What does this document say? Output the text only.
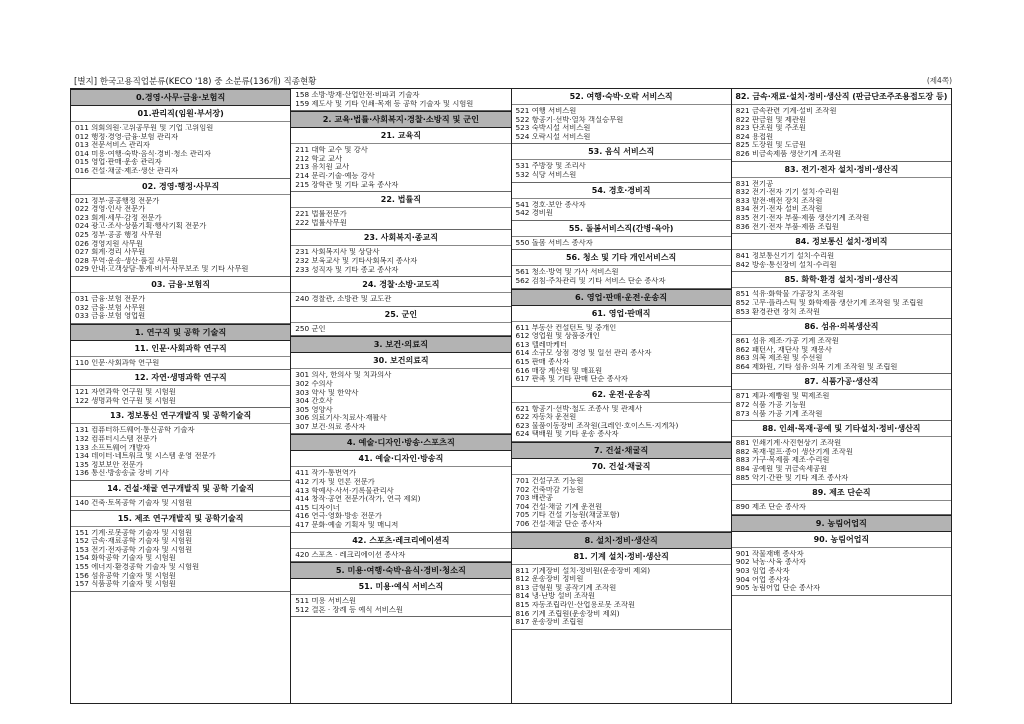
[별지] 한국고용직업분류(KECO '18) 중 소분류(136개) 직종현황	(제4쪽)
0.경영·사무·금융·보험직
01.관리직(임원·부서장)
011 의회의원·고위공무원 및 기업 고위임원
012 행정·경영·금융·보험 관리자
013 전문서비스 관리자
014 미용·여행·숙박·음식·경비·청소 관리자
015 영업·판매·운송 관리자
016 건설·채굴·제조·생산 관리자
02. 경영·행정·사무직
021 정부·공공행정 전문가
022 경영·인사 전문가
023 회계·세무·감정 전문가
024 광고·조사·상품기획·행사기획 전문가
025 정부·공공 행정 사무원
026 경영지원 사무원
027 회계·경리 사무원
028 무역·운송·생산·품질 사무원
029 안내·고객상담·통계·비서·사무보조 및 기타 사무원
03. 금융·보험직
031 금융·보험 전문가
032 금융·보험 사무원
033 금융·보험 영업원
1. 연구직 및 공학 기술직
11. 인문·사회과학 연구직
110 인문·사회과학 연구원
12. 자연·생명과학 연구직
121 자연과학 연구원 및 시험원
122 생명과학 연구원 및 시험원
13. 정보통신 연구개발직 및 공학기술직
131 컴퓨터하드웨어·통신공학 기술자
132 컴퓨터시스템 전문가
133 소프트웨어 개발자
134 데이터·네트워크 및 시스템 운영 전문가
135 정보보안 전문가
136 통신·방송송출 장비 기사
14. 건설·채굴 연구개발직 및 공학 기술직
140 건축·토목공학 기술자 및 시험원
15. 제조 연구개발직 및 공학기술직
151 기계·로봇공학 기술자 및 시험원
152 금속·재료공학 기술자 및 시험원
153 전기·전자공학 기술자 및 시험원
154 화학공학 기술자 및 시험원
155 에너지·환경공학 기술자 및 시험원
156 섬유공학 기술자 및 시험원
157 식품공학 기술자 및 시험원
158 소방·방재·산업안전·비파괴 기술자
159 제도사 및 기타 인쇄·목재 등 공학 기술자 및 시험원
2. 교육·법률·사회복지·경찰·소방직 및 군인
21. 교육직
211 대학 교수 및 강사
212 학교 교사
213 유치원 교사
214 문리·기술·예능 강사
215 장학관 및 기타 교육 종사자
22. 법률직
221 법률전문가
222 법률사무원
23. 사회복지·종교직
231 사회복지사 및 상담사
232 보육교사 및 기타사회복지 종사자
233 성직자 및 기타 종교 종사자
24. 경찰·소방·교도직
240 경찰관, 소방관 및 교도관
25. 군인
250 군인
3. 보건·의료직
30. 보건의료직
301 의사, 한의사 및 치과의사
302 수의사
303 약사 및 한약사
304 간호사
305 영양사
306 의료기사·치료사·재활사
307 보건·의료 종사자
4. 예술·디자인·방송·스포츠직
41. 예술·디자인·방송직
411 작가·통번역가
412 기자 및 언론 전문가
413 학예사·사서·기록물관리사
414 창작·공연 전문가(작가, 연극 제외)
415 디자이너
416 연극·영화·방송 전문가
417 문화·예술 기획자 및 매니저
42. 스포츠·레크리에이션직
420 스포츠 · 레크리에이션 종사자
5. 미용·여행·숙박·음식·경비·청소직
51. 미용·예식 서비스직
511 미용 서비스원
512 결혼 · 장례 등 예식 서비스원
52. 여행·숙박·오락 서비스직
521 여행 서비스원
522 항공기·선박·열차 객실승무원
523 숙박시설 서비스원
524 오락시설 서비스원
53. 음식 서비스직
531 주방장 및 조리사
532 식당 서비스원
54. 경호·경비직
541 경호·보안 종사자
542 경비원
55. 돌봄서비스직(간병·육아)
550 돌봄 서비스 종사자
56. 청소 및 기타 개인서비스직
561 청소·방역 및 가사 서비스원
562 검침·주차관리 및 기타 서비스 단순 종사자
6. 영업·판매·운전·운송직
61. 영업·판매직
611 부동산 컨설턴트 및 중개인
612 영업원 및 상품중개인
613 텔레마케터
614 소규모 상점 경영 및 일선 관리 종사자
615 판매 종사자
616 매장 계산원 및 매표원
617 판촉 및 기타 판매 단순 종사자
62. 운전·운송직
621 항공기·선박·철도 조종사 및 관제사
622 자동차 운전원
623 물품이동장비 조작원(크레인·호이스트·지게차)
624 택배원 및 기타 운송 종사자
7. 건설·채굴직
70. 건설·채굴직
701 건설구조 기능원
702 건축마감 기능원
703 배관공
704 건설·채굴 기계 운전원
705 기타 건설 기능원(채굴포함)
706 건설·채굴 단순 종사자
8. 설치·정비·생산직
81. 기계 설치·정비·생산직
811 기계장비 설치·정비원(운송장비 제외)
812 운송장비 정비원
813 금형원 및 공작기계 조작원
814 냉·난방 설비 조작원
815 자동조립라인·산업용로봇 조작원
816 기계 조립원(운송장비 제외)
817 운송장비 조립원
82. 금속·재료·설치·정비·생산직 (판금단조주조용접도장 등)
821 금속관련 기계·설비 조작원
822 판금원 및 제관원
823 단조원 및 주조원
824 용접원
825 도장원 및 도금원
826 비금속제품 생산기계 조작원
83. 전기·전자 설치·정비·생산직
831 전기공
832 전기·전자 기기 설치·수리원
833 발전·배전 장치 조작원
834 전기·전자 설비 조작원
835 전기·전자 부품·제품 생산기계 조작원
836 전기·전자 부품·제품 조립원
84. 정보통신 설치·정비직
841 정보통신기기 설치·수리원
842 방송·통신장비 설치·수리원
85. 화학·환경 설치·정비·생산직
851 석유·화학물 가공장치 조작원
852 고무·플라스틱 및 화학제품 생산기계 조작원 및 조립원
853 환경관련 장치 조작원
86. 섬유·의복생산직
861 섬유 제조·가공 기계 조작원
862 패턴사, 재단사 및 재봉사
863 의복 제조원 및 수선원
864 제화원, 기타 섬유·의복 기계 조작원 및 조립원
87. 식품가공·생산직
871 제과·제빵원 및 떡제조원
872 식품 가공 기능원
873 식품 가공 기계 조작원
88. 인쇄·목재·공예 및 기타설치·정비·생산직
881 인쇄기계·사진현상기 조작원
882 목재·펄프·종이 생산기계 조작원
883 가구·목제품 제조·수리원
884 공예원 및 귀금속세공원
885 악기·간판 및 기타 제조 종사자
89. 제조 단순직
890 제조 단순 종사자
9. 농림어업직
90. 농림어업직
901 작물재배 종사자
902 낙농·사육 종사자
903 임업 종사자
904 어업 종사자
905 농림어업 단순 종사자
